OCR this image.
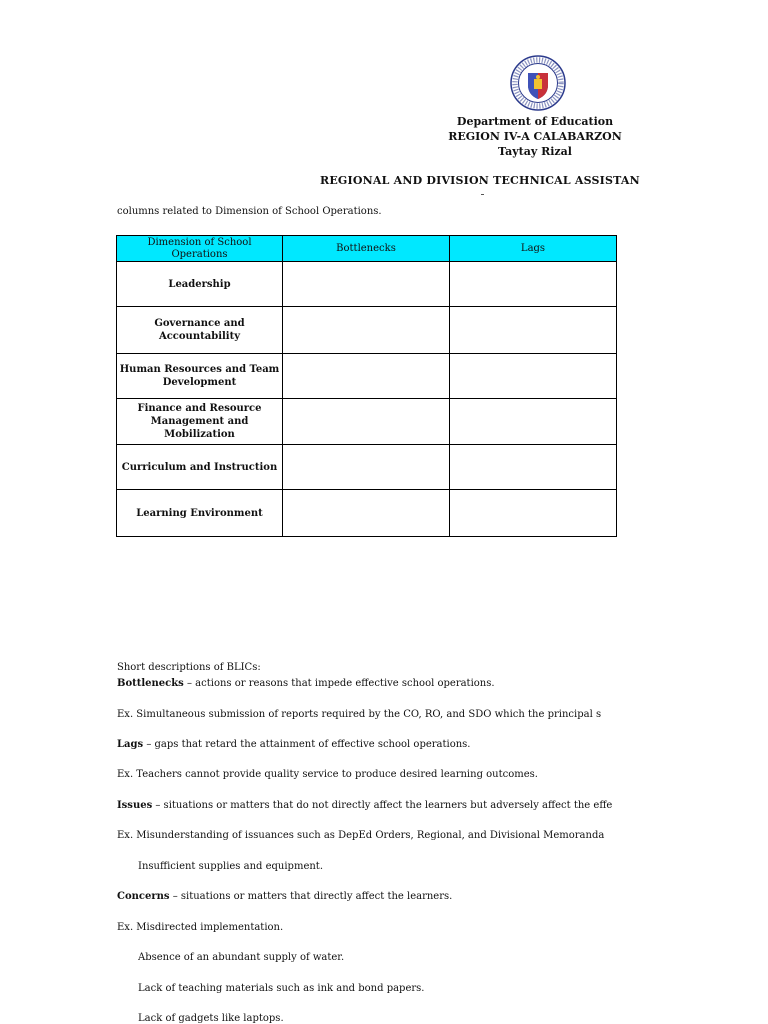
Department of Education
REGION IV-A CALABARZON
Taytay Rizal
REGIONAL AND DIVISION TECHNICAL ASSISTAN
columns related to Dimension of School Operations.
Dimension of School Operations	Bottlenecks	Lags
Leadership		
Governance and Accountability		
Human Resources and Team Development		
Finance and Resource Management and Mobilization		
Curriculum and Instruction		
Learning Environment		

Short descriptions of BLICs:

Bottlenecks – actions or reasons that impede effective school operations.

Ex. Simultaneous submission of reports required by the CO, RO, and SDO which the principal s

Lags – gaps that retard the attainment of effective school operations.

Ex. Teachers cannot provide quality service to produce desired learning outcomes.

Issues – situations or matters that do not directly affect the learners but adversely affect the effe

Ex. Misunderstanding of issuances such as DepEd Orders, Regional, and Divisional Memoranda

Insufficient supplies and equipment.

Concerns – situations or matters that directly affect the learners.

Ex. Misdirected implementation.

Absence of an abundant supply of water.

Lack of teaching materials such as ink and bond papers.

Lack of gadgets like laptops.
